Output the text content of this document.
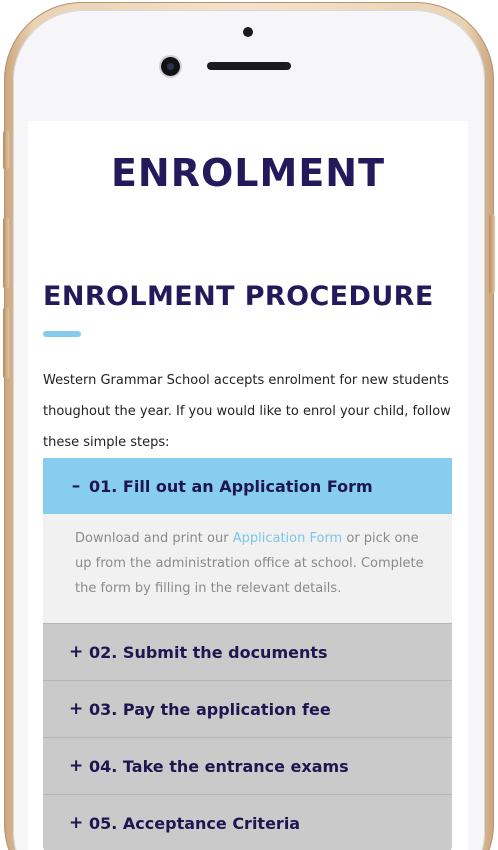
ENROLMENT
ENROLMENT PROCEDURE

Western Grammar School accepts enrolment for new students thoughout the year. If you would like to enrol your child, follow these simple steps:

– 01. Fill out an Application Form
Download and print our Application Form or pick one up from the administration office at school. Complete the form by filling in the relevant details.
+ 02. Submit the documents
+ 03. Pay the application fee
+ 04. Take the entrance exams
+ 05. Acceptance Criteria
